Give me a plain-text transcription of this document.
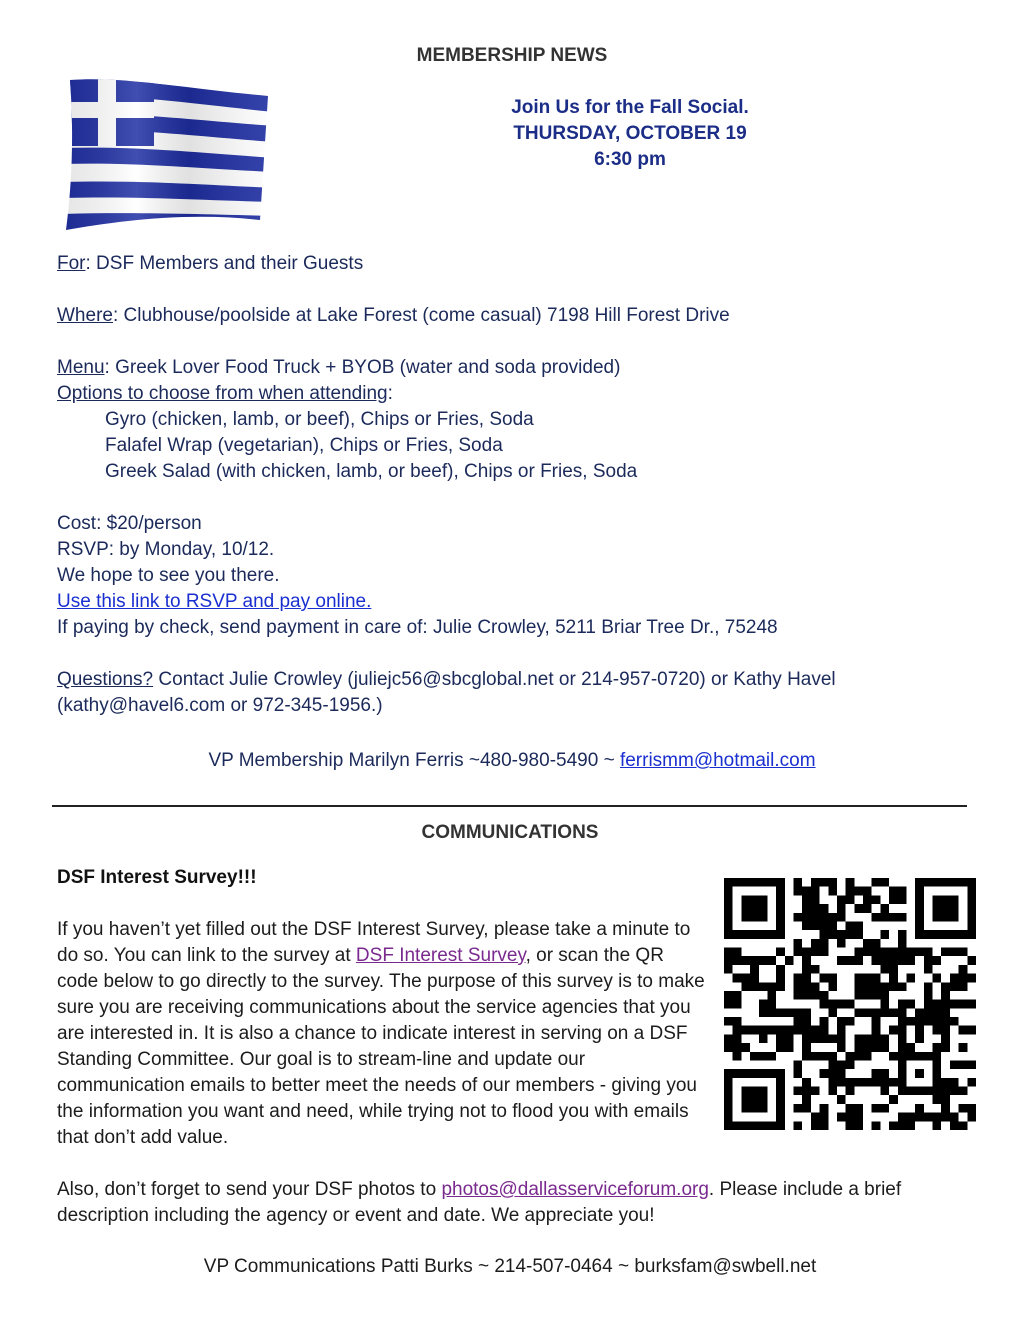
MEMBERSHIP NEWS
Join Us for the Fall Social.
THURSDAY, OCTOBER 19
6:30 pm
For: DSF Members and their Guests
Where: Clubhouse/poolside at Lake Forest (come casual) 7198 Hill Forest Drive
Menu: Greek Lover Food Truck + BYOB (water and soda provided)
Options to choose from when attending:
Gyro (chicken, lamb, or beef), Chips or Fries, Soda
Falafel Wrap (vegetarian), Chips or Fries, Soda
Greek Salad (with chicken, lamb, or beef), Chips or Fries, Soda
Cost: $20/person
RSVP: by Monday, 10/12.
We hope to see you there.
Use this link to RSVP and pay online.
If paying by check, send payment in care of: Julie Crowley, 5211 Briar Tree Dr., 75248
Questions? Contact Julie Crowley (juliejc56@sbcglobal.net or 214-957-0720) or Kathy Havel
(kathy@havel6.com or 972-345-1956.)
VP Membership Marilyn Ferris ~480-980-5490 ~ ferrismm@hotmail.com
COMMUNICATIONS
DSF Interest Survey!!!
If you haven’t yet filled out the DSF Interest Survey, please take a minute to do so. You can link to the survey at DSF Interest Survey, or scan the QR code below to go directly to the survey. The purpose of this survey is to make sure you are receiving communications about the service agencies that you are interested in. It is also a chance to indicate interest in serving on a DSF Standing Committee. Our goal is to stream-line and update our communication emails to better meet the needs of our members - giving you the information you want and need, while trying not to flood you with emails that don’t add value.
Also, don’t forget to send your DSF photos to photos@dallasserviceforum.org. Please include a brief description including the agency or event and date. We appreciate you!
VP Communications Patti Burks ~ 214-507-0464 ~ burksfam@swbell.net
